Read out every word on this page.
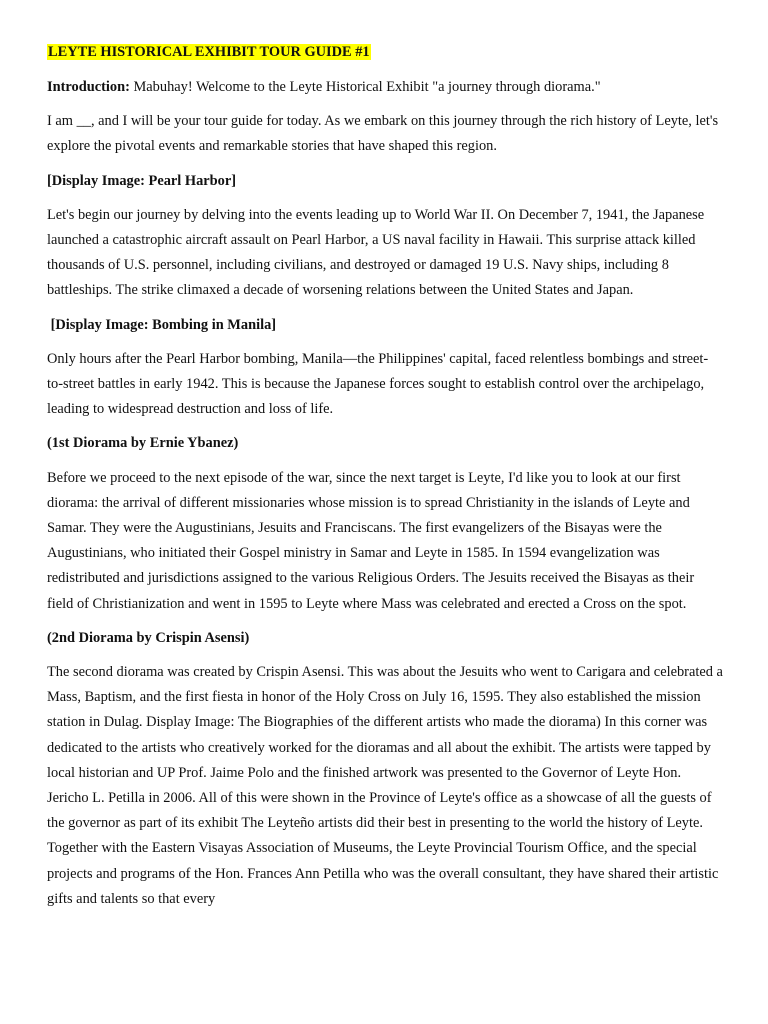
LEYTE HISTORICAL EXHIBIT TOUR GUIDE #1

Introduction: Mabuhay! Welcome to the Leyte Historical Exhibit "a journey through diorama."

I am __, and I will be your tour guide for today. As we embark on this journey through the rich history of Leyte, let's explore the pivotal events and remarkable stories that have shaped this region.

[Display Image: Pearl Harbor]

Let's begin our journey by delving into the events leading up to World War II. On December 7, 1941, the Japanese launched a catastrophic aircraft assault on Pearl Harbor, a US naval facility in Hawaii. This surprise attack killed thousands of U.S. personnel, including civilians, and destroyed or damaged 19 U.S. Navy ships, including 8 battleships. The strike climaxed a decade of worsening relations between the United States and Japan.

[Display Image: Bombing in Manila]

Only hours after the Pearl Harbor bombing, Manila—the Philippines' capital, faced relentless bombings and street-to-street battles in early 1942. This is because the Japanese forces sought to establish control over the archipelago, leading to widespread destruction and loss of life.

(1st Diorama by Ernie Ybanez)

Before we proceed to the next episode of the war, since the next target is Leyte, I'd like you to look at our first diorama: the arrival of different missionaries whose mission is to spread Christianity in the islands of Leyte and Samar. They were the Augustinians, Jesuits and Franciscans. The first evangelizers of the Bisayas were the Augustinians, who initiated their Gospel ministry in Samar and Leyte in 1585. In 1594 evangelization was redistributed and jurisdictions assigned to the various Religious Orders. The Jesuits received the Bisayas as their field of Christianization and went in 1595 to Leyte where Mass was celebrated and erected a Cross on the spot.

(2nd Diorama by Crispin Asensi)

The second diorama was created by Crispin Asensi. This was about the Jesuits who went to Carigara and celebrated a Mass, Baptism, and the first fiesta in honor of the Holy Cross on July 16, 1595. They also established the mission station in Dulag. Display Image: The Biographies of the different artists who made the diorama) In this corner was dedicated to the artists who creatively worked for the dioramas and all about the exhibit. The artists were tapped by local historian and UP Prof. Jaime Polo and the finished artwork was presented to the Governor of Leyte Hon. Jericho L. Petilla in 2006. All of this were shown in the Province of Leyte's office as a showcase of all the guests of the governor as part of its exhibit The Leyteño artists did their best in presenting to the world the history of Leyte. Together with the Eastern Visayas Association of Museums, the Leyte Provincial Tourism Office, and the special projects and programs of the Hon. Frances Ann Petilla who was the overall consultant, they have shared their artistic gifts and talents so that every
